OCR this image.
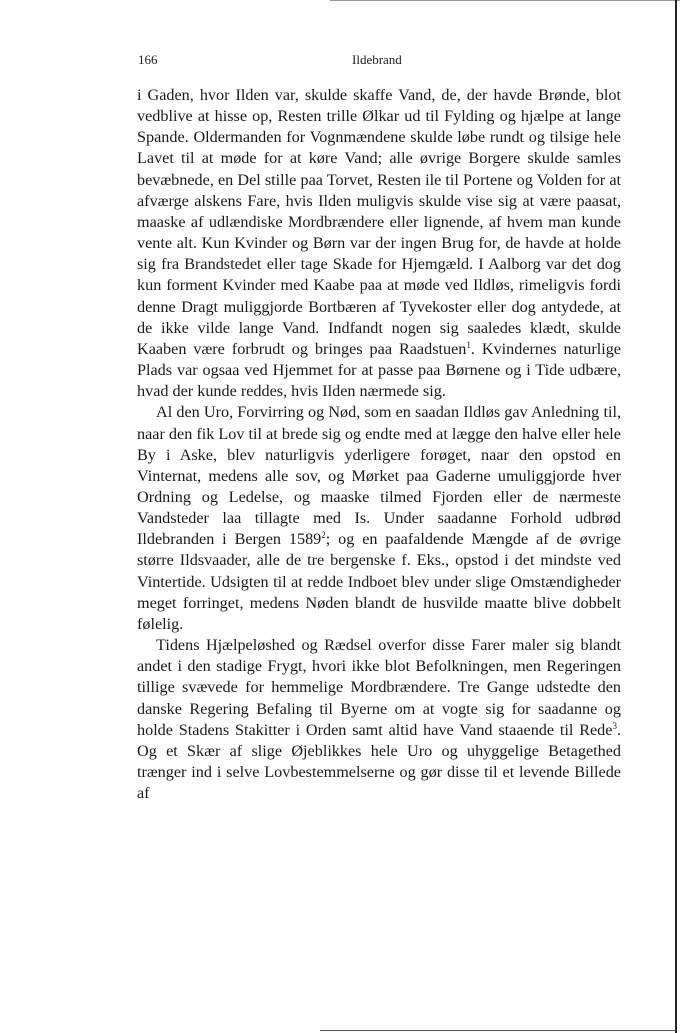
166	Ildebrand

i Gaden, hvor Ilden var, skulde skaffe Vand, de, der havde Brønde, blot vedblive at hisse op, Resten trille Ølkar ud til Fylding og hjælpe at lange Spande. Oldermanden for Vognmændene skulde løbe rundt og tilsige hele Lavet til at møde for at køre Vand; alle øvrige Borgere skulde samles bevæbnede, en Del stille paa Torvet, Resten ile til Portene og Volden for at afværge alskens Fare, hvis Ilden muligvis skulde vise sig at være paasat, maaske af udlændiske Mordbrændere eller lignende, af hvem man kunde vente alt. Kun Kvinder og Børn var der ingen Brug for, de havde at holde sig fra Brandstedet eller tage Skade for Hjemgæld. I Aalborg var det dog kun forment Kvinder med Kaabe paa at møde ved Ildløs, rimeligvis fordi denne Dragt muliggjorde Bortbæren af Tyvekoster eller dog antydede, at de ikke vilde lange Vand. Indfandt nogen sig saaledes klædt, skulde Kaaben være forbrudt og bringes paa Raadstuen$^1$. Kvindernes naturlige Plads var ogsaa ved Hjemmet for at passe paa Børnene og i Tide udbære, hvad der kunde reddes, hvis Ilden nærmede sig.

Al den Uro, Forvirring og Nød, som en saadan Ildløs gav Anledning til, naar den fik Lov til at brede sig og endte med at lægge den halve eller hele By i Aske, blev naturligvis yderligere forøget, naar den opstod en Vinternat, medens alle sov, og Mørket paa Gaderne umuliggjorde hver Ordning og Ledelse, og maaske tilmed Fjorden eller de nærmeste Vandsteder laa tillagte med Is. Under saadanne Forhold udbrød Ildebranden i Bergen 1589$^2$; og en paafaldende Mængde af de øvrige større Ildsvaader, alle de tre bergenske f. Eks., opstod i det mindste ved Vintertide. Udsigten til at redde Indboet blev under slige Omstændigheder meget forringet, medens Nøden blandt de husvilde maatte blive dobbelt følelig.

Tidens Hjælpeløshed og Rædsel overfor disse Farer maler sig blandt andet i den stadige Frygt, hvori ikke blot Befolkningen, men Regeringen tillige svævede for hemmelige Mordbrændere. Tre Gange udstedte den danske Regering Befaling til Byerne om at vogte sig for saadanne og holde Stadens Stakitter i Orden samt altid have Vand staaende til Rede$^3$. Og et Skær af slige Øjeblikkes hele Uro og uhyggelige Betagethed trænger ind i selve Lovbestemmelserne og gør disse til et levende Billede af
